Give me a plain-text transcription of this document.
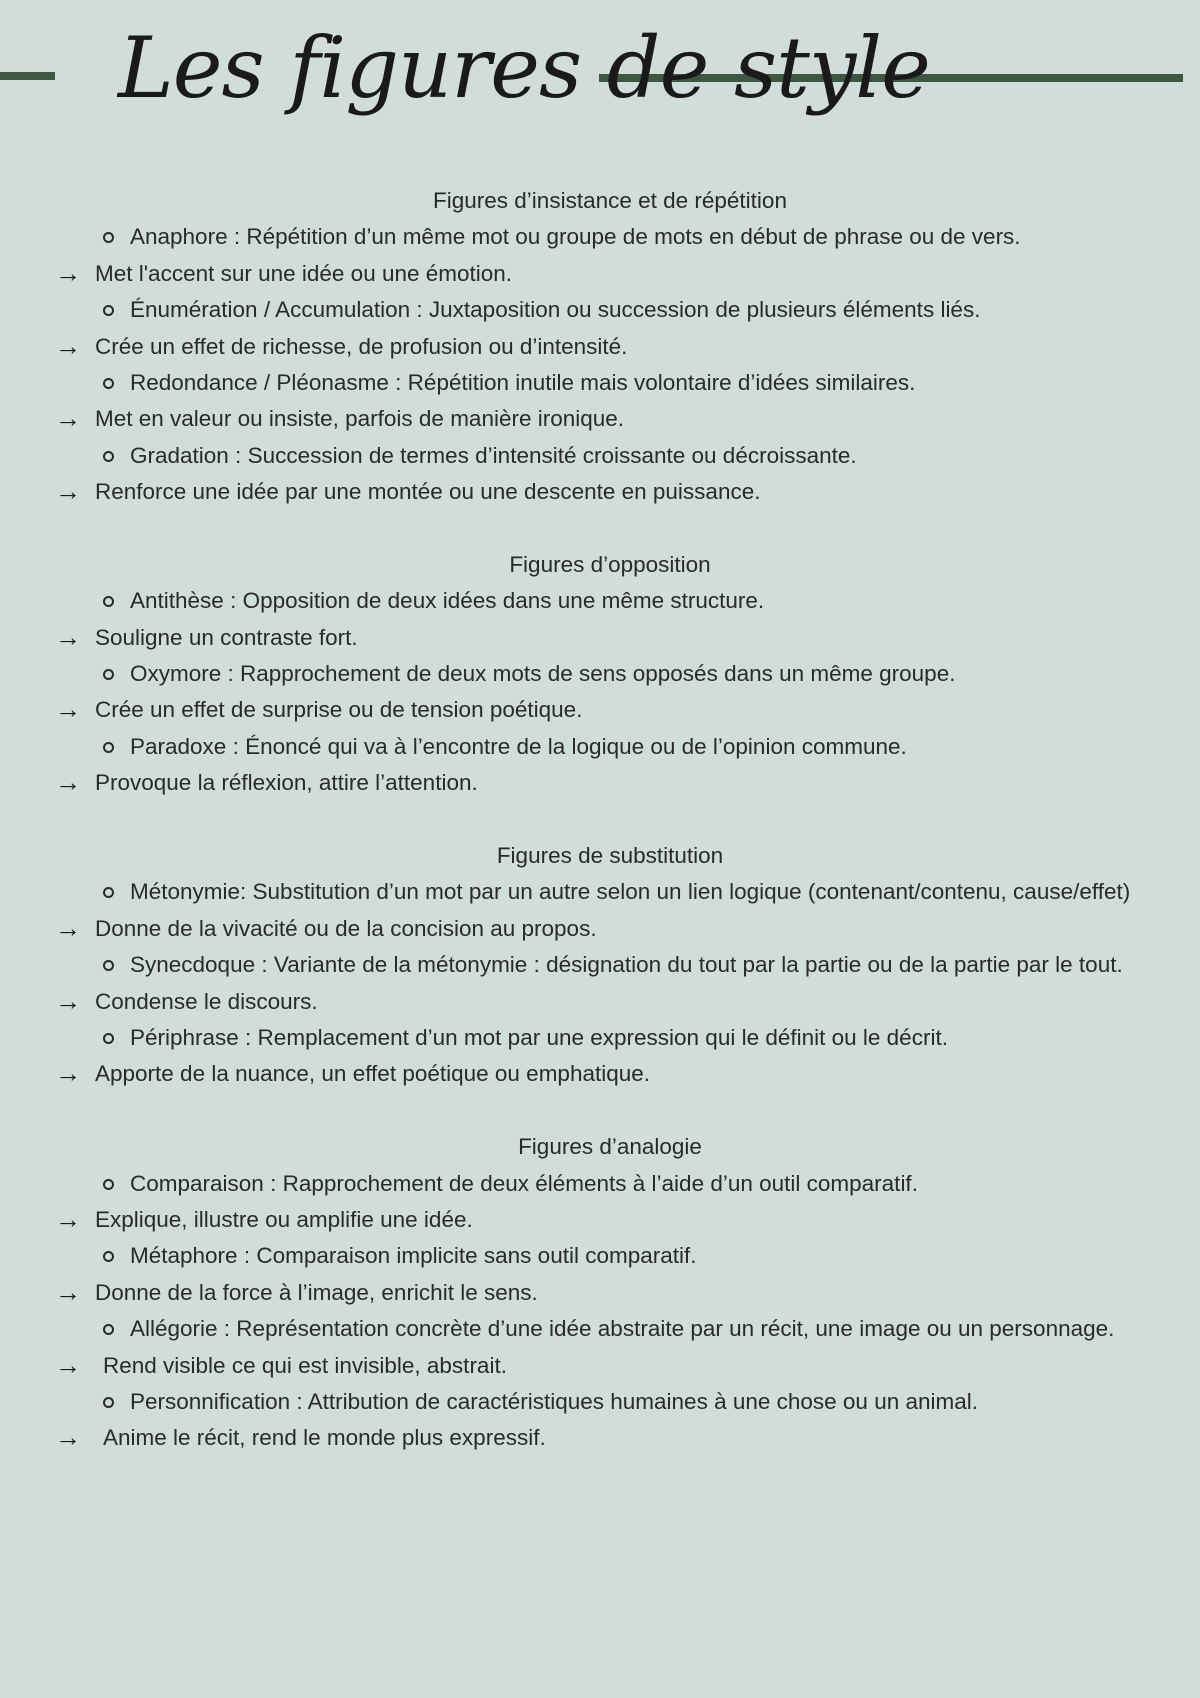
Les figures de style
Figures d’insistance et de répétition
Anaphore : Répétition d’un même mot ou groupe de mots en début de phrase ou de vers.
→ Met l'accent sur une idée ou une émotion.
Énumération / Accumulation : Juxtaposition ou succession de plusieurs éléments liés.
→ Crée un effet de richesse, de profusion ou d’intensité.
Redondance / Pléonasme : Répétition inutile mais volontaire d’idées similaires.
→ Met en valeur ou insiste, parfois de manière ironique.
Gradation : Succession de termes d’intensité croissante ou décroissante.
→ Renforce une idée par une montée ou une descente en puissance.
Figures d’opposition
Antithèse : Opposition de deux idées dans une même structure.
→ Souligne un contraste fort.
Oxymore : Rapprochement de deux mots de sens opposés dans un même groupe.
→ Crée un effet de surprise ou de tension poétique.
Paradoxe : Énoncé qui va à l’encontre de la logique ou de l’opinion commune.
→ Provoque la réflexion, attire l’attention.
Figures de substitution
Métonymie: Substitution d’un mot par un autre selon un lien logique (contenant/contenu, cause/effet)
→ Donne de la vivacité ou de la concision au propos.
Synecdoque : Variante de la métonymie : désignation du tout par la partie ou de la partie par le tout.
→ Condense le discours.
Périphrase : Remplacement d’un mot par une expression qui le définit ou le décrit.
→ Apporte de la nuance, un effet poétique ou emphatique.
Figures d’analogie
Comparaison : Rapprochement de deux éléments à l’aide d’un outil comparatif.
→ Explique, illustre ou amplifie une idée.
Métaphore : Comparaison implicite sans outil comparatif.
→ Donne de la force à l’image, enrichit le sens.
Allégorie : Représentation concrète d’une idée abstraite par un récit, une image ou un personnage.
→ Rend visible ce qui est invisible, abstrait.
Personnification : Attribution de caractéristiques humaines à une chose ou un animal.
→ Anime le récit, rend le monde plus expressif.
